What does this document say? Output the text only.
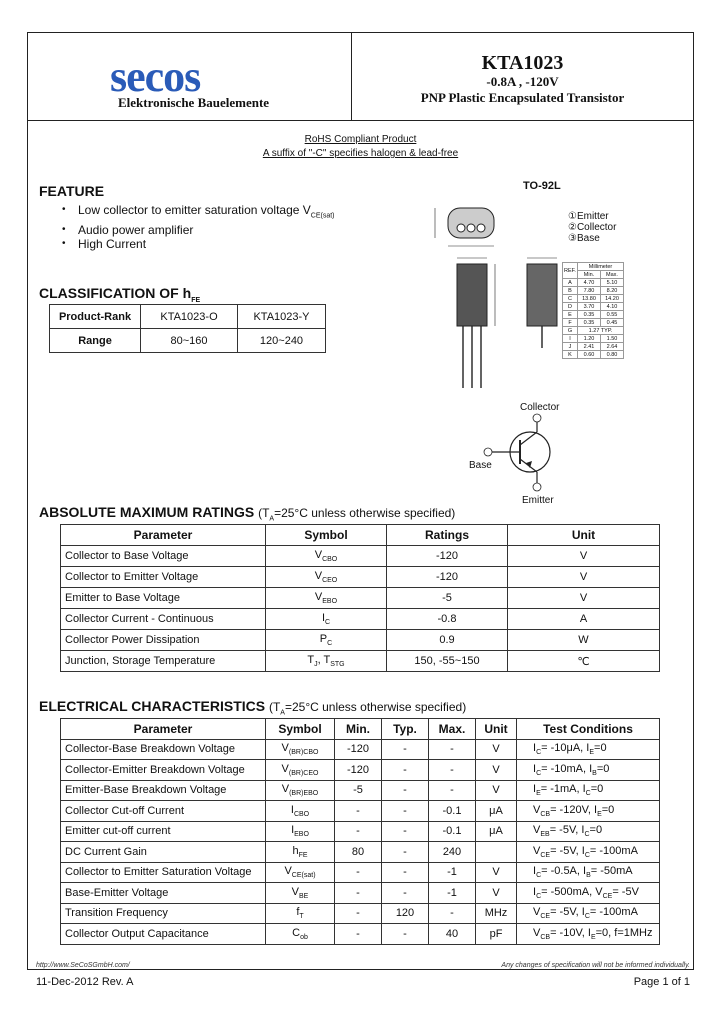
secos
Elektronische Bauelemente
KTA1023
-0.8A , -120V
PNP Plastic Encapsulated Transistor
RoHS Compliant Product
A suffix of "-C" specifies halogen & lead-free
FEATURE
• Low collector to emitter saturation voltage $V_{CE(sat)}$
• Audio power amplifier
• High Current
CLASSIFICATION OF $h_{FE}$
Product-Rank	KTA1023-O	KTA1023-Y
Range	80~160	120~240
TO-92L
①Emitter
②Collector
③Base
REF.	Millimeter	
	Min.	Max.
A	4.70	5.10
B	7.80	8.20
C	13.80	14.20
D	3.70	4.10
E	0.35	0.55
F	0.35	0.45
G	1.27 TYP.	
I	1.20	1.50
J	2.41	2.64
K	0.60	0.80
Collector
Base
Emitter
ABSOLUTE MAXIMUM RATINGS ($T_A=25^\circ C$ unless otherwise specified)
Parameter	Symbol	Ratings	Unit
Collector to Base Voltage	$V_{CBO}$	-120	V
Collector to Emitter Voltage	$V_{CEO}$	-120	V
Emitter to Base Voltage	$V_{EBO}$	-5	V
Collector Current - Continuous	$I_C$	-0.8	A
Collector Power Dissipation	$P_C$	0.9	W
Junction, Storage Temperature	$T_J$, $T_{STG}$	150, -55~150	℃
ELECTRICAL CHARACTERISTICS ($T_A=25^\circ C$ unless otherwise specified)
Parameter	Symbol	Min.	Typ.	Max.	Unit	Test Conditions
Collector-Base Breakdown Voltage	$V_{(BR)CBO}$	-120	-	-	V	$I_C= -10\mu A$, $I_E=0$
Collector-Emitter Breakdown Voltage	$V_{(BR)CEO}$	-120	-	-	V	$I_C= -10mA$, $I_B=0$
Emitter-Base Breakdown Voltage	$V_{(BR)EBO}$	-5	-	-	V	$I_E= -1mA$, $I_C=0$
Collector Cut-off Current	$I_{CBO}$	-	-	-0.1	μA	$V_{CB}= -120V$, $I_E=0$
Emitter cut-off current	$I_{EBO}$	-	-	-0.1	μA	$V_{EB}= -5V$, $I_C=0$
DC Current Gain	$h_{FE}$	80	-	240		$V_{CE}= -5V$, $I_C= -100mA$
Collector to Emitter Saturation Voltage	$V_{CE(sat)}$	-	-	-1	V	$I_C= -0.5A$, $I_B= -50mA$
Base-Emitter Voltage	$V_{BE}$	-	-	-1	V	$I_C= -500mA$, $V_{CE}= -5V$
Transition Frequency	$f_T$	-	120	-	MHz	$V_{CE}= -5V$, $I_C= -100mA$
Collector Output Capacitance	$C_{ob}$	-	-	40	pF	$V_{CB}= -10V$, $I_E=0$, f=1MHz
http://www.SeCoSGmbH.com/	Any changes of specification will not be informed individually.
11-Dec-2012 Rev. A	Page 1 of 1
